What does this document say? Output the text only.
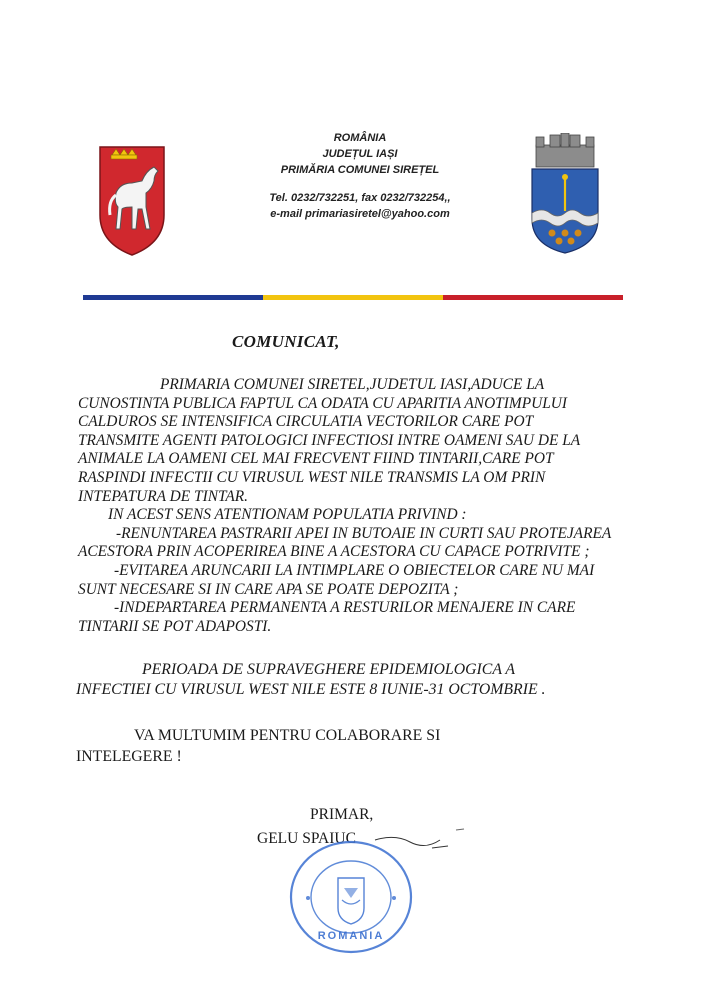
ROMÂNIA
JUDEȚUL IAȘI
PRIMĂRIA COMUNEI SIREȚEL
Tel. 0232/732251, fax 0232/732254,,
e-mail primariasiretel@yahoo.com
COMUNICAT,
PRIMARIA COMUNEI SIRETEL,JUDETUL IASI,ADUCE LA
CUNOSTINTA PUBLICA FAPTUL CA ODATA CU APARITIA ANOTIMPULUI
CALDUROS SE INTENSIFICA CIRCULATIA VECTORILOR CARE POT
TRANSMITE AGENTI PATOLOGICI INFECTIOSI INTRE OAMENI SAU DE LA
ANIMALE LA OAMENI CEL MAI FRECVENT FIIND TINTARII,CARE POT
RASPINDI INFECTII CU VIRUSUL WEST NILE TRANSMIS LA OM PRIN
INTEPATURA DE TINTAR.
IN ACEST SENS ATENTIONAM POPULATIA PRIVIND :
-RENUNTAREA PASTRARII APEI IN BUTOAIE IN CURTI SAU PROTEJAREA
ACESTORA PRIN ACOPERIREA BINE A ACESTORA CU CAPACE POTRIVITE ;
-EVITAREA ARUNCARII LA INTIMPLARE O OBIECTELOR CARE NU MAI
SUNT NECESARE SI IN CARE APA SE POATE DEPOZITA ;
-INDEPARTAREA PERMANENTA A RESTURILOR MENAJERE IN CARE
TINTARII SE POT ADAPOSTI.
PERIOADA DE SUPRAVEGHERE EPIDEMIOLOGICA A
INFECTIEI CU VIRUSUL WEST NILE ESTE 8 IUNIE-31 OCTOMBRIE .
VA MULTUMIM PENTRU COLABORARE SI
INTELEGERE !
PRIMAR,
GELU SPAIUC
ROMANIA
